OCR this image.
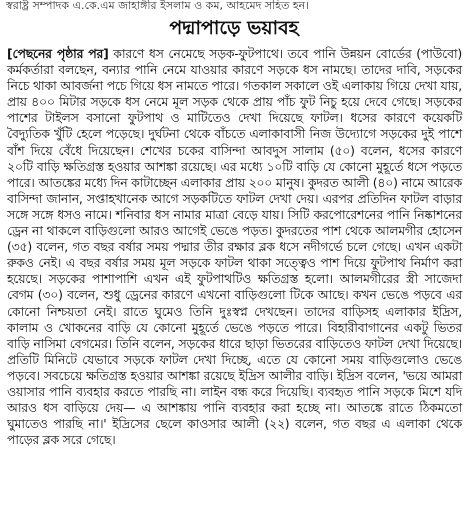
স্বরাষ্ট্র সম্পাদক এ.কে.এম জাহাঙ্গীর ইসলাম ও কম, আহমেদ সহিত হন।
পদ্মাপাড়ে ভয়াবহ
[পেছনের পৃষ্ঠার পর] কারণে ধস নেমেছে সড়ক-ফুটপাথে। তবে পানি উন্নয়ন বোর্ডের (পাউবো) কর্মকর্তারা বলছেন, বন্যার পানি নেমে যাওয়ার কারণে সড়কে ধস নামছে। তাদের দাবি, সড়কের নিচে থাকা আবর্জনা পচে গিয়ে ধস নামতে পারে। গতকাল সকালে ওই এলাকায় গিয়ে দেখা যায়, প্রায় ৪০০ মিটার সড়কে ধস নেমে মূল সড়ক থেকে প্রায় পাঁচ ফুট নিচু হয়ে দেবে গেছে। সড়কের পাশের টাইলস বসানো ফুটপাথ ও মাটিতেও দেখা দিয়েছে ফাটল। ধসের কারণে কয়েকটি বৈদ্যুতিক খুঁটি হেলে পড়েছে। দুর্ঘটনা থেকে বাঁচতে এলাকাবাসী নিজ উদ্যোগে সড়কের দুই পাশে বাঁশ দিয়ে বেঁধে দিয়েছেন। শেখের চকের বাসিন্দা আবদুস সালাম (৫০) বলেন, ধসের কারণে ২০টি বাড়ি ক্ষতিগ্রস্ত হওয়ার আশঙ্কা রয়েছে। এর মধ্যে ১০টি বাড়ি যে কোনো মুহূর্তে ধসে পড়তে পারে। আতঙ্কের মধ্যে দিন কাটাচ্ছেন এলাকার প্রায় ২০০ মানুষ। কুদরত আলী (৪০) নামে আরেক বাসিন্দা জানান, সপ্তাহখানেক আগে সড়কটিতে ফাটল দেখা দেয়। এরপর প্রতিদিন ফাটল বাড়ার সঙ্গে সঙ্গে ধসও নামে। শনিবার ধস নামার মাত্রা বেড়ে যায়। সিটি করপোরেশনের পানি নিষ্কাশনের ড্রেন না থাকলে বাড়িগুলো আরও আগেই ভেঙে পড়ত। কুদরতের পাশ থেকে আলমগীর হোসেন (৩৫) বলেন, গত বছর বর্ষার সময় পদ্মার তীর রক্ষার ব্লক ধসে নদীগর্ভে চলে গেছে। এখন একটা রুকও নেই। এ বছর বর্ষার সময় মূল সড়কে ফাটল থাকা সত্ত্বেও পাশ দিয়ে ফুটপাথ নির্মাণ করা হয়েছে। সড়কের পাশাপাশি এখন এই ফুটপাথটিও ক্ষতিগ্রস্ত হলো। আলমগীরের স্ত্রী সাজেদা বেগম (৩০) বলেন, শুধু ড্রেনের কারণে এখনো বাড়িগুলো টিকে আছে। কখন ভেঙে পড়বে এর কোনো নিশ্চয়তা নেই। রাতে ঘুমেও তিনি দুঃস্বপ্ন দেখছেন। তাদের বাড়িসহ এলাকার ইদ্রিস, কালাম ও খোকনের বাড়ি যে কোনো মুহূর্তে ভেঙে পড়তে পারে। বিহারীবাগানের একটু ভিতর বাড়ি নাসিমা বেগমের। তিনি বলেন, সড়কের ধারে ছাড়া ভিতরের বাড়িতেও ফাটল দেখা দিয়েছে। প্রতিটি মিনিটে যেভাবে সড়কে ফাটল দেখা দিচ্ছে, এতে যে কোনো সময় বাড়িগুলোও ভেঙে পড়বে। সবচেয়ে ক্ষতিগ্রস্ত হওয়ার আশঙ্কা রয়েছে ইদ্রিস আলীর বাড়ি। ইদ্রিস বলেন, 'ভয়ে আমরা ওয়াসার পানি ব্যবহার করতে পারছি না। লাইন বন্ধ করে দিয়েছি। ব্যবহৃত পানি সড়কে মিশে যদি আরও ধস বাড়িয়ে দেয়— এ আশঙ্কায় পানি ব্যবহার করা হচ্ছে না। আতঙ্কে রাতে ঠিকমতো ঘুমাতেও পারছি না।' ইদ্রিসের ছেলে কাওসার আলী (২২) বলেন, গত বছর এ এলাকা থেকে পাড়ের ব্লক সরে গেছে।
